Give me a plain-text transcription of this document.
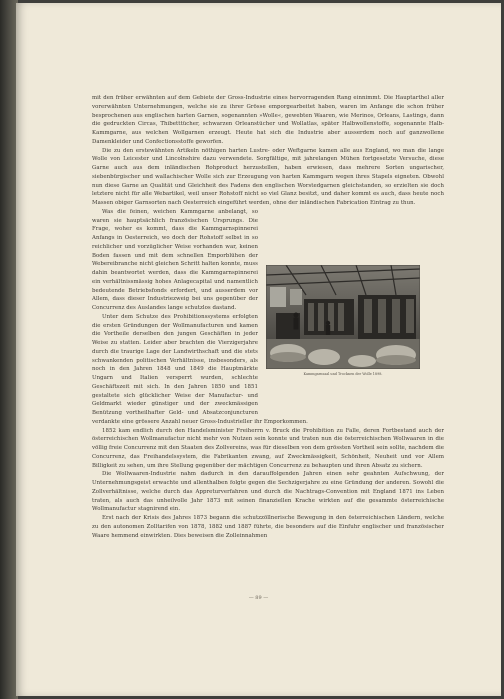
Kammgarnsaal und Trocknen der Wolle 1898.

mit den früher erwähnten auf dem Gebiete der Gross-Industrie eines hervorragenden Rang einnimmt. Die Hauptarthel aller vorerwähnten Unternehmungen, welche sie zu ihrer Grösse emporgearbeitet haben, waren im Anfange die schon früher besprochenen aus englischen harten Garnen, sogenannten »Wolle«, gewebten Waaren, wie Merinos, Orleans, Lastings, dann die gedruckten Circas, Thibetttücher, schwarzen Orleanstücher und Wollatlas, später Halbwollenstoffe, sogenannte Halb-Kammgarne, aus welchen Wollgarnen erzeugt. Heute hat sich die Industrie aber ausserdem noch auf ganzwollene Damenkleider und Confectionsstoffe geworfen.

Die zu den erstewähnten Artikeln nöthigen harten Lustre- oder Weftgarne kamen alle aus England, wo man die lange Wolle von Leicester und Lincolnshire dazu verwendete. Sorgfältige, mit jahrelangen Mühen fortgesetzte Versuche, diese Garne auch aus dem inländischen Rohproduct herzustellen, haben erwiesen, dass mehrere Sorten ungarischer, siebenbürgischer und wallachischer Wolle sich zur Erzeugung von harten Kammgarn wegen ihres Stapels eigneten. Obwohl nun diese Garne an Qualität und Gleichheit des Fadens den englischen Worstedgarnen gleichstanden, so erzielten sie doch letztere nicht für alle Webartikel, weil unser Rohstoff nicht so viel Glanz besitzt, und daher kommt es auch, dass heute noch Massen obiger Garnsorten nach Oesterreich eingeführt werden, ohne der inländischen Fabrication Eintrag zu thun.

Was die feinen, weichen Kammgarne anbelangt, so waren sie hauptsächlich französischen Ursprungs. Die Frage, woher es kommt, dass die Kammgarnspinnerei Anfangs in Oesterreich, wo doch der Rohstoff selbst in so reichlicher und vorzüglicher Weise vorhanden war, keinen Boden fassen und mit dem schnellen Emporblühen der Webereibranche nicht gleichen Schritt halten konnte, muss dahin beantwortet werden, dass die Kammgarnspinnerei ein verhältnissmässig hohes Anlagecapital und namentlich bedeutende Betriebsfonds erfordert, und ausserdem vor Allem, dass dieser Industriezweig bei uns gegenüber der Concurrenz des Auslandes lange schutzlos dastand.

Unter dem Schutze des Prohibitionssystems erfolgten die ersten Gründungen der Wollmanufacturen und kamen die Vortheile derselben den jungen Geschäften in jeder Weise zu statten. Leider aber brachten die Vierzigerjahre durch die traurige Lage der Landwirthschaft und die stets schwankenden politischen Verhältnisse, insbesonders, als noch in den Jahren 1848 und 1849 die Hauptmärkte Ungarn und Italien versperrt wurden, schlechte Geschäftszeit mit sich. In den Jahren 1850 und 1851 gestaltete sich glücklicher Weise der Manufactur- und Geldmarkt wieder günstiger und der zweckmässigen Benützung vortheilhafter Geld- und Absatzconjuncturen verdankte eine grössere Anzahl neuer Gross-Industrieller ihr Emporkommen.

1852 kam endlich durch den Handelsminister Freiherrn v. Bruck die Prohibition zu Falle, deren Fortbestand auch der österreichischen Wollmanufactur nicht mehr von Nutzen sein konnte und traten nun die österreichischen Wollwaaren in die völlig freie Concurrenz mit den Staaten des Zollvereins, was für dieselben von dem grössten Vortheil sein sollte, nachdem die Concurrenz, das Freihandelssystem, die Fabrikanten zwang, auf Zweckmässigkeit, Schönheit, Neuheit und vor Allem Billigkeit zu sehen, um ihre Stellung gegenüber der mächtigen Concurrenz zu behaupten und ihren Absatz zu sichern.

Die Wollwaaren-Industrie nahm dadurch in den darauffolgenden Jahren einen sehr geahnten Aufschwung, der Unternehmungsgeist erwachte und allenthalben folgte gegen die Sechzigerjahre zu eine Gründung der anderen. Sowohl die Zollverhältnisse, welche durch das Appreturverfahren und durch die Nachtrags-Convention mit England 1871 ins Leben traten, als auch das unheilvolle Jahr 1873 mit seinen finanziellen Krache wirkten auf die gesammte österreichische Wollmanufactur stagnirend ein.

Erst nach der Krisis des Jahres 1873 begann die schutzzöllnerische Bewegung in den österreichischen Ländern, welche zu den autonomen Zolltarifen von 1878, 1882 und 1887 führte, die besonders auf die Einfuhr englischer und französischer Waare hemmend einwirkten. Dies beweisen die Zolleinnahmen

— 89 —
